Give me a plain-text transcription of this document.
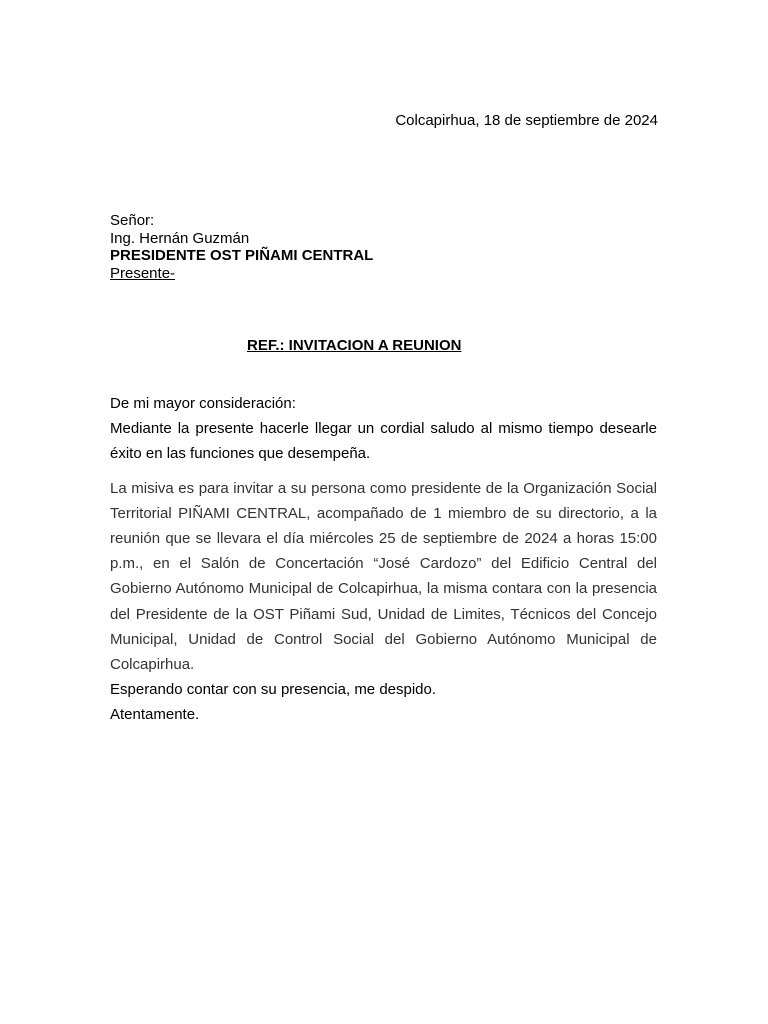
Colcapirhua, 18 de septiembre de 2024
Señor:
Ing. Hernán Guzmán
PRESIDENTE OST PIÑAMI CENTRAL
Presente-
REF.: INVITACION A REUNION

De mi mayor consideración:

Mediante la presente hacerle llegar un cordial saludo al mismo tiempo desearle éxito en las funciones que desempeña.

La misiva es para invitar a su persona como presidente de la Organización Social Territorial PIÑAMI CENTRAL, acompañado de 1 miembro de su directorio, a la reunión que se llevara el día miércoles 25 de septiembre de 2024 a horas 15:00 p.m., en el Salón de Concertación “José Cardozo” del Edificio Central del Gobierno Autónomo Municipal de Colcapirhua, la misma contara con la presencia del Presidente de la OST Piñami Sud, Unidad de Limites, Técnicos del Concejo Municipal, Unidad de Control Social del Gobierno Autónomo Municipal de Colcapirhua.

Esperando contar con su presencia, me despido.

Atentamente.
